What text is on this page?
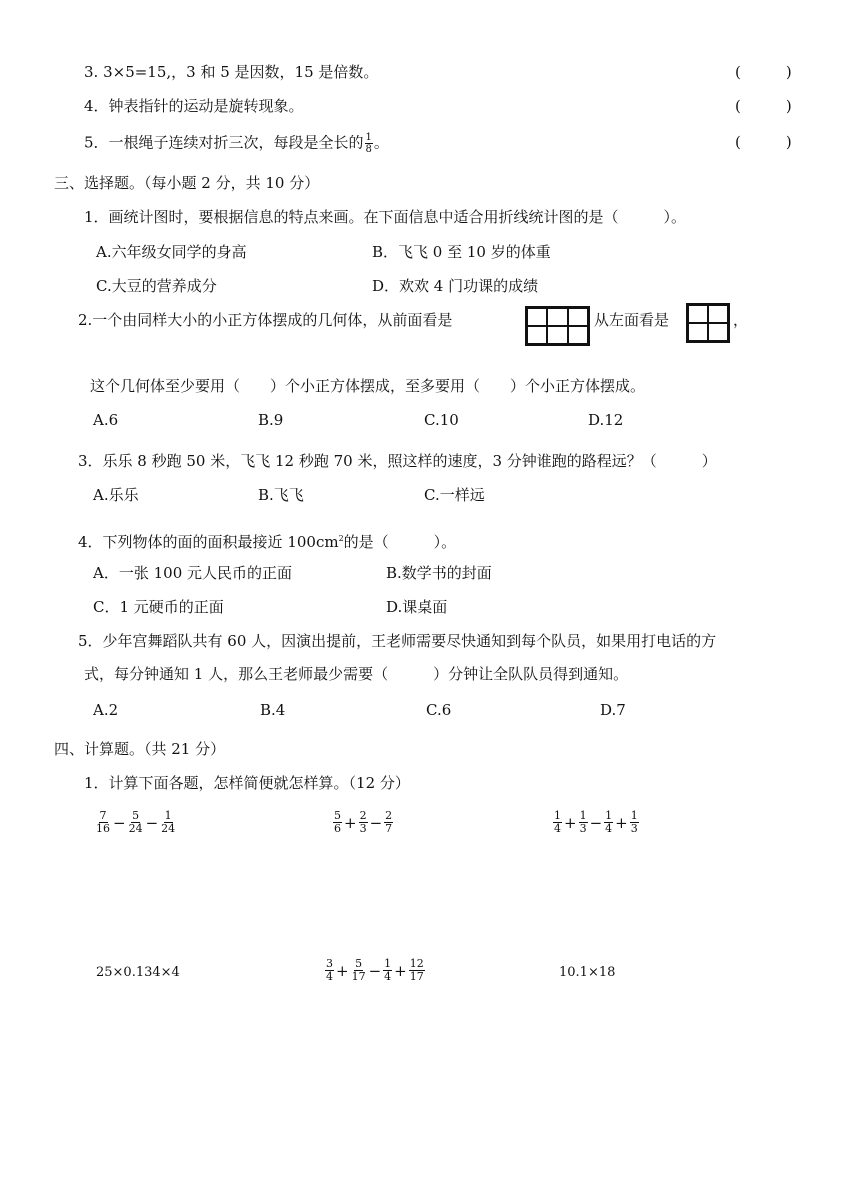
3. 3×5=15,，3 和 5 是因数，15 是倍数。	(　　　)
4．钟表指针的运动是旋转现象。	(　　　)
5．一根绳子连续对折三次，每段是全长的 $\frac{1}{8}$ 。	(　　　)
三、选择题。（每小题 2 分，共 10 分）
1．画统计图时，要根据信息的特点来画。在下面信息中适合用折线统计图的是（　　　）。
A.六年级女同学的身高	B．飞飞 0 至 10 岁的体重
C.大豆的营养成分	D．欢欢 4 门功课的成绩
2.一个由同样大小的小正方体摆成的几何体，从前面看是	从左面看是	，
这个几何体至少要用（　　）个小正方体摆成，至多要用（　　）个小正方体摆成。
A.6	B.9	C.10	D.12
3．乐乐 8 秒跑 50 米，飞飞 12 秒跑 70 米，照这样的速度，3 分钟谁跑的路程远？（　　　）
A.乐乐	B.飞飞	C.一样远
4．下列物体的面的面积最接近 $100cm^2$的是（　　　）。
A．一张 100 元人民币的正面	B.数学书的封面
C．1 元硬币的正面	D.课桌面
5．少年宫舞蹈队共有 60 人，因演出提前，王老师需要尽快通知到每个队员，如果用打电话的方
式，每分钟通知 1 人，那么王老师最少需要（　　　）分钟让全队队员得到通知。
A.2	B.4	C.6	D.7
四、计算题。（共 21 分）
1．计算下面各题，怎样简便就怎样算。（12 分）
$\frac{7}{16} - \frac{5}{24} - \frac{1}{24}$	$\frac{5}{6} + \frac{2}{3} - \frac{2}{7}$	$\frac{1}{4} + \frac{1}{3} - \frac{1}{4} + \frac{1}{3}$
25×0.134×4	$\frac{3}{4} + \frac{5}{17} - \frac{1}{4} + \frac{12}{17}$	10.1×18
